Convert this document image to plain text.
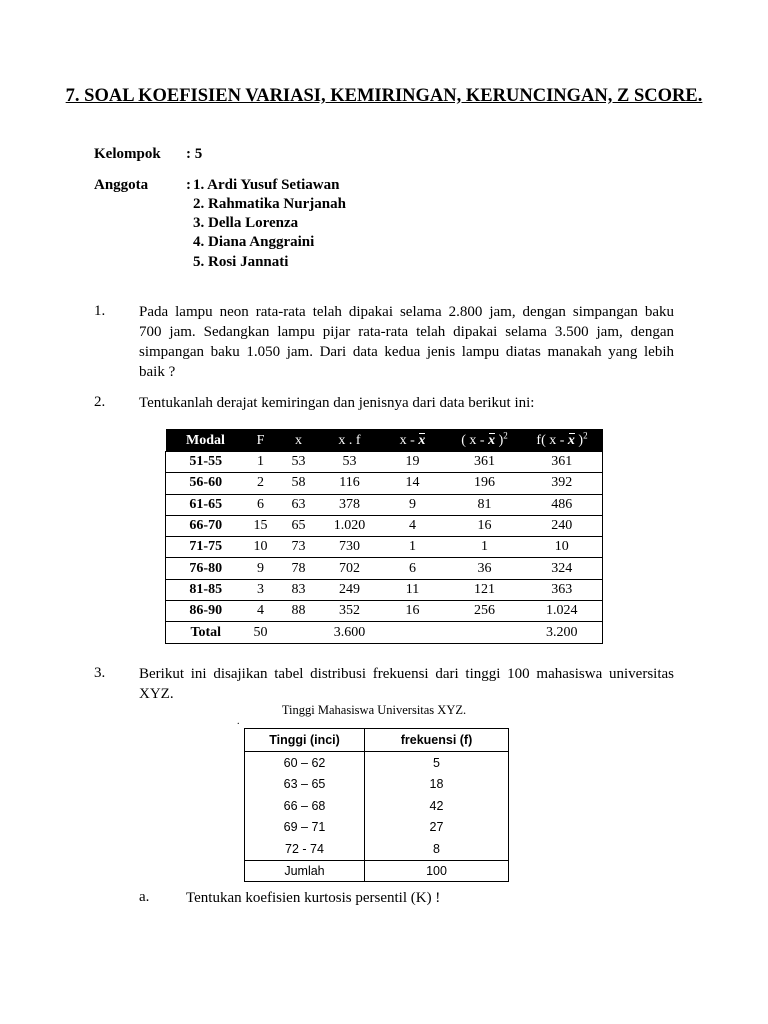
7. SOAL KOEFISIEN VARIASI, KEMIRINGAN, KERUNCINGAN, Z SCORE.
Kelompok	: 5
Anggota	: 1. Ardi Yusuf Setiawan
2. Rahmatika Nurjanah
3. Della Lorenza
4. Diana Anggraini
5. Rosi Jannati
1. Pada lampu neon rata-rata telah dipakai selama 2.800 jam, dengan simpangan baku
700 jam. Sedangkan lampu pijar rata-rata telah dipakai selama 3.500 jam, dengan
simpangan baku 1.050 jam. Dari data kedua jenis lampu diatas manakah yang lebih
baik ?
2. Tentukanlah derajat kemiringan dan jenisnya dari data berikut ini:
Modal	F	x	x . f	x - x	( x - x )$^2$	f( x - x )$^2$
51-55	1	53	53	19	361	361
56-60	2	58	116	14	196	392
61-65	6	63	378	9	81	486
66-70	15	65	1.020	4	16	240
71-75	10	73	730	1	1	10
76-80	9	78	702	6	36	324
81-85	3	83	249	11	121	363
86-90	4	88	352	16	256	1.024
Total	50		3.600			3.200
3. Berikut ini disajikan tabel distribusi frekuensi dari tinggi 100 mahasiswa universitas
XYZ.
Tinggi Mahasiswa Universitas XYZ.
.
Tinggi (inci)	frekuensi (f)
60 – 62	5
63 – 65	18
66 – 68	42
69 – 71	27
72 - 74	8
Jumlah	100
a. Tentukan koefisien kurtosis persentil (K) !
